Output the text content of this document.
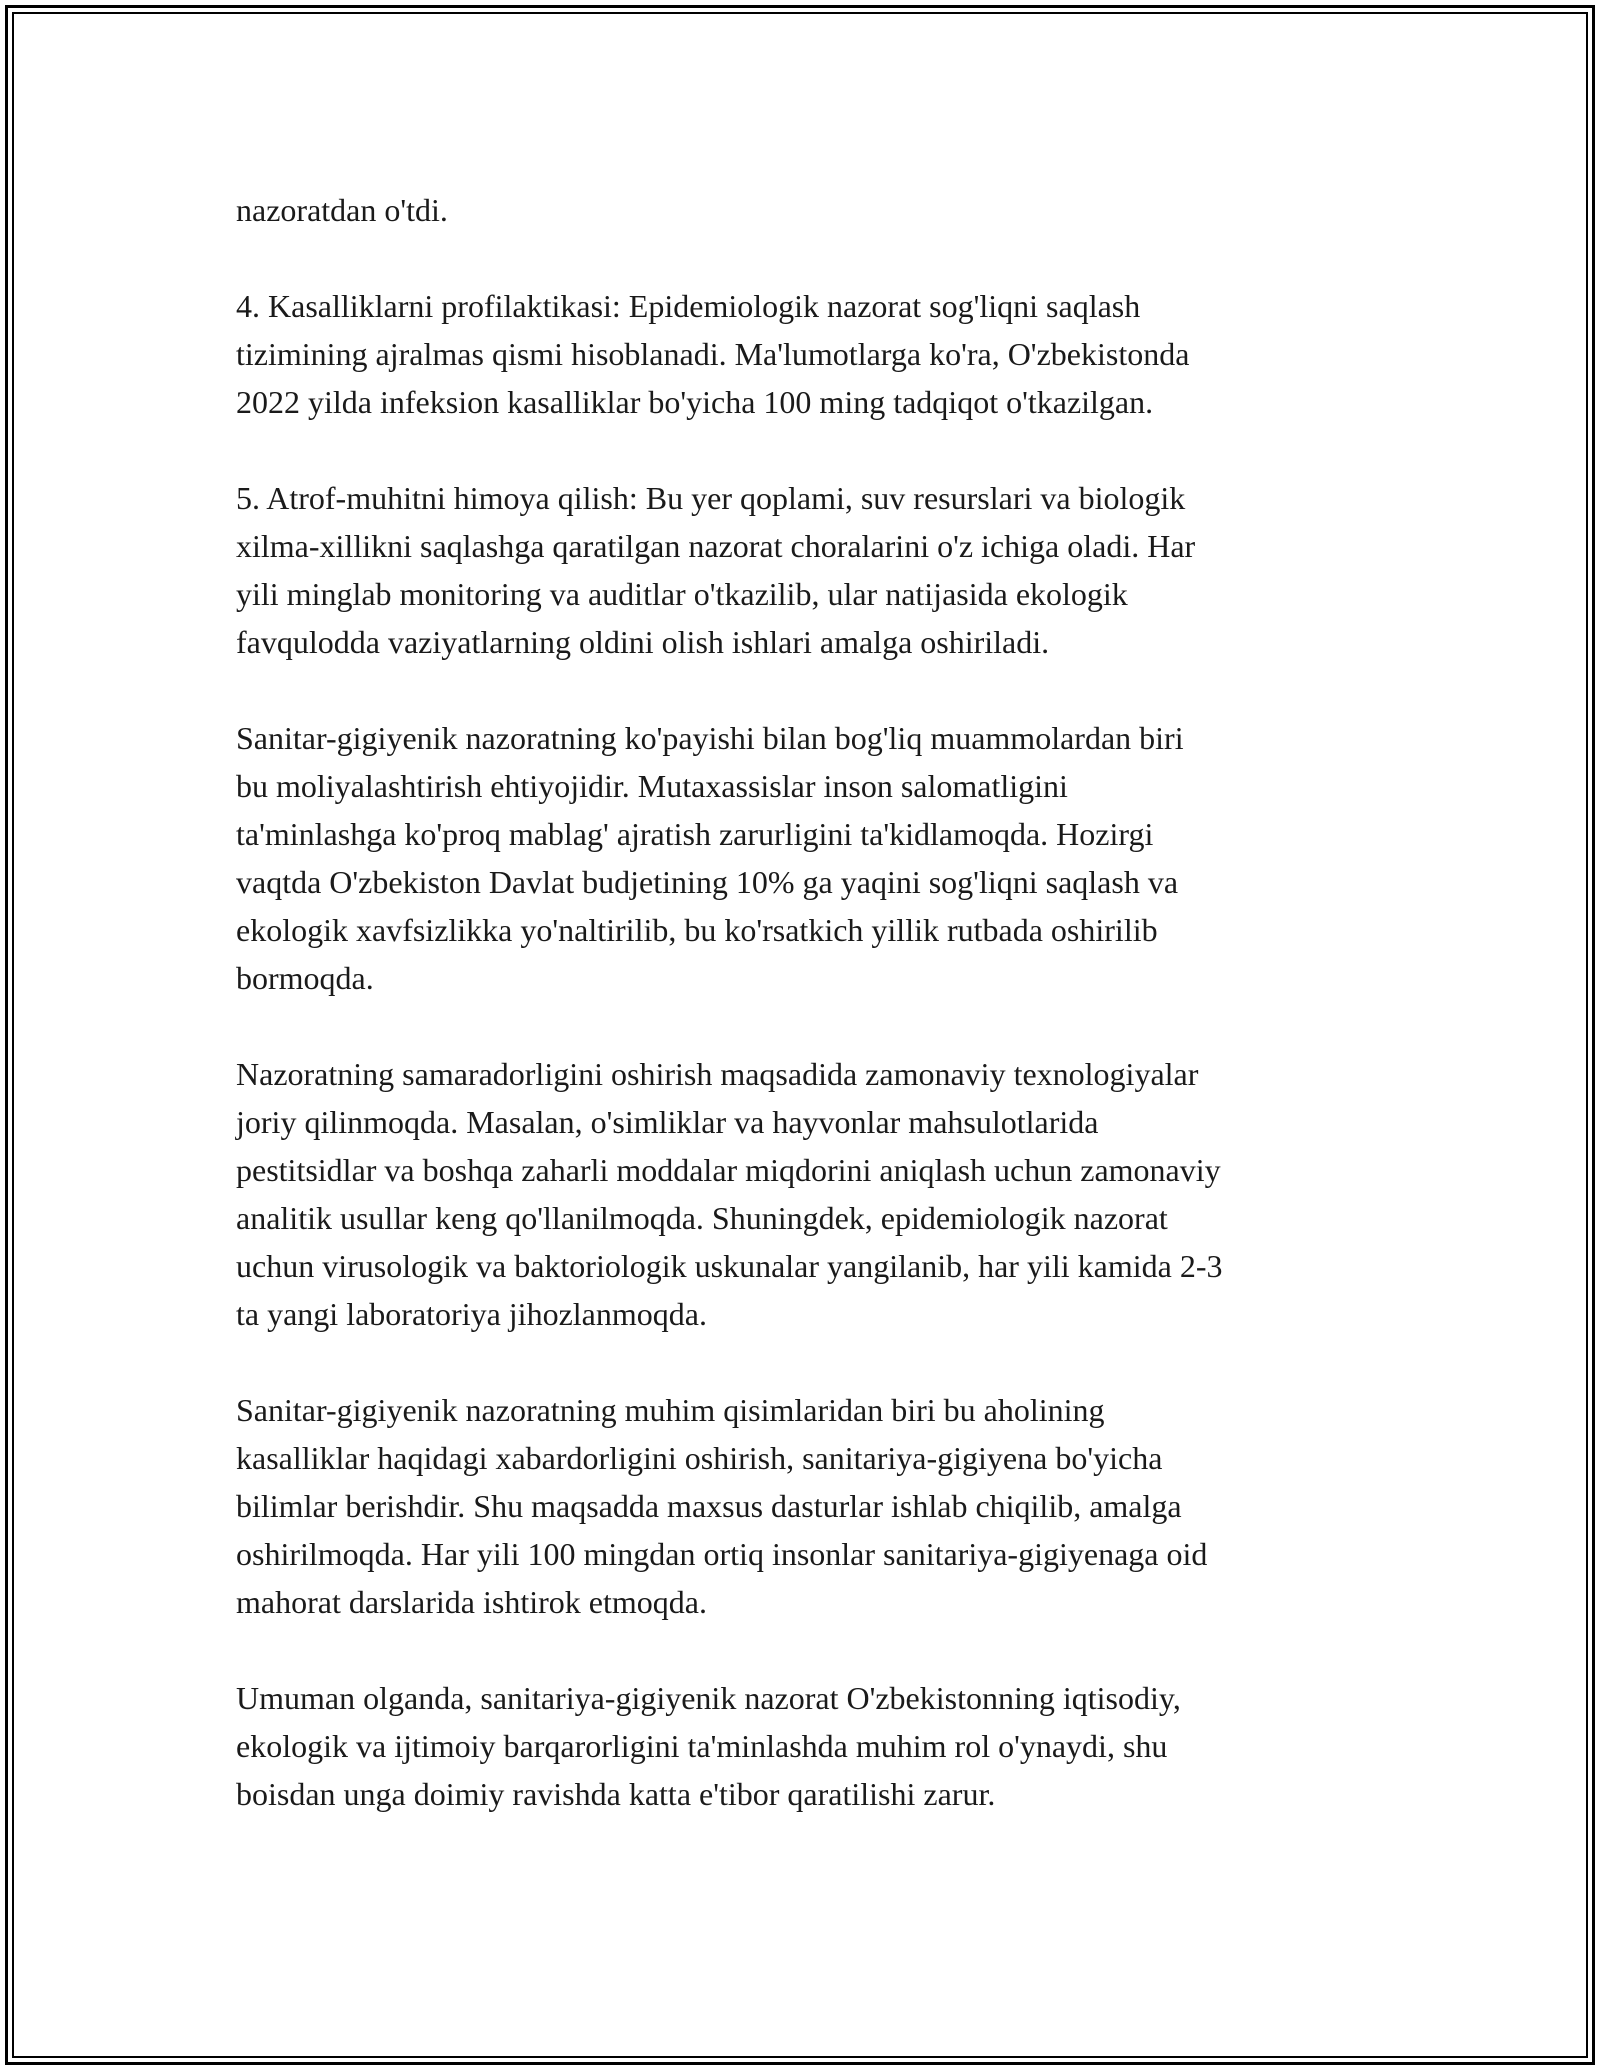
nazoratdan o'tdi.

4. Kasalliklarni profilaktikasi: Epidemiologik nazorat sog'liqni saqlash
tizimining ajralmas qismi hisoblanadi. Ma'lumotlarga ko'ra, O'zbekistonda
2022 yilda infeksion kasalliklar bo'yicha 100 ming tadqiqot o'tkazilgan.

5. Atrof-muhitni himoya qilish: Bu yer qoplami, suv resurslari va biologik
xilma-xillikni saqlashga qaratilgan nazorat choralarini o'z ichiga oladi. Har
yili minglab monitoring va auditlar o'tkazilib, ular natijasida ekologik
favqulodda vaziyatlarning oldini olish ishlari amalga oshiriladi.

Sanitar-gigiyenik nazoratning ko'payishi bilan bog'liq muammolardan biri
bu moliyalashtirish ehtiyojidir. Mutaxassislar inson salomatligini
ta'minlashga ko'proq mablag' ajratish zarurligini ta'kidlamoqda. Hozirgi
vaqtda O'zbekiston Davlat budjetining 10% ga yaqini sog'liqni saqlash va
ekologik xavfsizlikka yo'naltirilib, bu ko'rsatkich yillik rutbada oshirilib
bormoqda.

Nazoratning samaradorligini oshirish maqsadida zamonaviy texnologiyalar
joriy qilinmoqda. Masalan, o'simliklar va hayvonlar mahsulotlarida
pestitsidlar va boshqa zaharli moddalar miqdorini aniqlash uchun zamonaviy
analitik usullar keng qo'llanilmoqda. Shuningdek, epidemiologik nazorat
uchun virusologik va baktoriologik uskunalar yangilanib, har yili kamida 2-3
ta yangi laboratoriya jihozlanmoqda.

Sanitar-gigiyenik nazoratning muhim qisimlaridan biri bu aholining
kasalliklar haqidagi xabardorligini oshirish, sanitariya-gigiyena bo'yicha
bilimlar berishdir. Shu maqsadda maxsus dasturlar ishlab chiqilib, amalga
oshirilmoqda. Har yili 100 mingdan ortiq insonlar sanitariya-gigiyenaga oid
mahorat darslarida ishtirok etmoqda.

Umuman olganda, sanitariya-gigiyenik nazorat O'zbekistonning iqtisodiy,
ekologik va ijtimoiy barqarorligini ta'minlashda muhim rol o'ynaydi, shu
boisdan unga doimiy ravishda katta e'tibor qaratilishi zarur.
